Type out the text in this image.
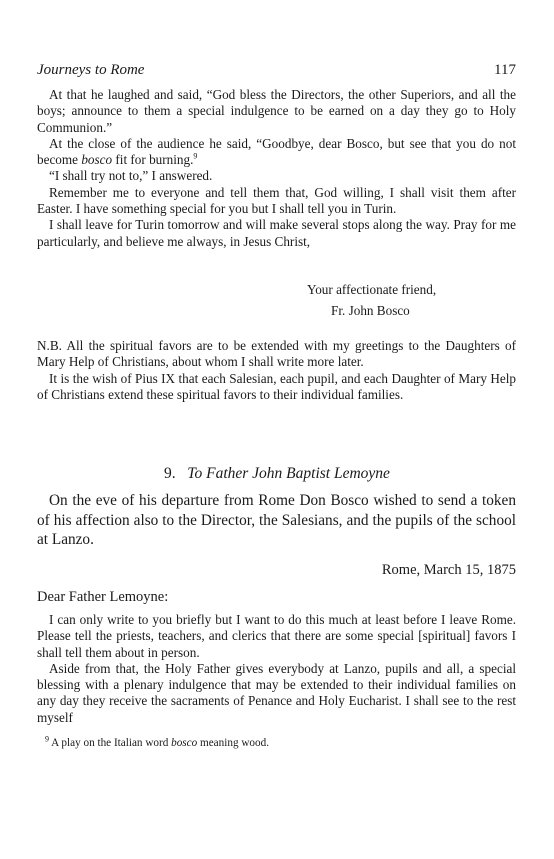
Journeys to Rome	117

At that he laughed and said, “God bless the Directors, the other Superiors, and all the boys; announce to them a special indulgence to be earned on a day they go to Holy Communion.”

At the close of the audience he said, “Goodbye, dear Bosco, but see that you do not become bosco fit for burning.$^9$

“I shall try not to,” I answered.

Remember me to everyone and tell them that, God willing, I shall visit them after Easter. I have something special for you but I shall tell you in Turin.

I shall leave for Turin tomorrow and will make several stops along the way. Pray for me particularly, and believe me always, in Jesus Christ,

Your affectionate friend,
Fr. John Bosco

N.B. All the spiritual favors are to be extended with my greetings to the Daughters of Mary Help of Christians, about whom I shall write more later.

It is the wish of Pius IX that each Salesian, each pupil, and each Daughter of Mary Help of Christians extend these spiritual favors to their individual families.

9. To Father John Baptist Lemoyne

On the eve of his departure from Rome Don Bosco wished to send a token of his affection also to the Director, the Salesians, and the pupils of the school at Lanzo.

Rome, March 15, 1875
Dear Father Lemoyne:

I can only write to you briefly but I want to do this much at least before I leave Rome. Please tell the priests, teachers, and clerics that there are some special [spiritual] favors I shall tell them about in person.

Aside from that, the Holy Father gives everybody at Lanzo, pupils and all, a special blessing with a plenary indulgence that may be extended to their individual families on any day they receive the sacraments of Penance and Holy Eucharist. I shall see to the rest myself

$^9$ A play on the Italian word bosco meaning wood.
